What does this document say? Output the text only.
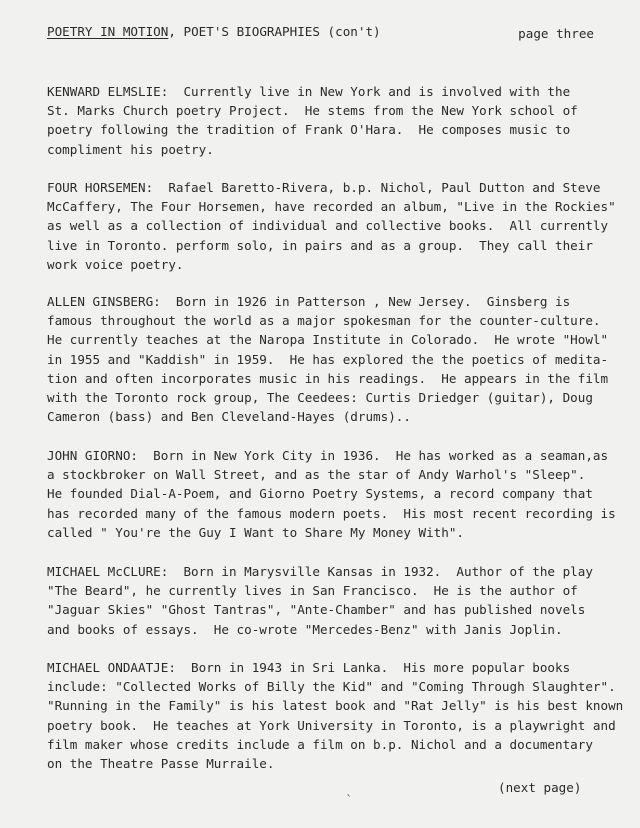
POETRY IN MOTION, POET'S BIOGRAPHIES (con't)	page three
KENWARD ELMSLIE:  Currently live in New York and is involved with the
St. Marks Church poetry Project.  He stems from the New York school of
poetry following the tradition of Frank O'Hara.  He composes music to
compliment his poetry.
FOUR HORSEMEN:  Rafael Baretto-Rivera, b.p. Nichol, Paul Dutton and Steve
McCaffery, The Four Horsemen, have recorded an album, "Live in the Rockies"
as well as a collection of individual and collective books.  All currently
live in Toronto. perform solo, in pairs and as a group.  They call their
work voice poetry.
ALLEN GINSBERG:  Born in 1926 in Patterson , New Jersey.  Ginsberg is
famous throughout the world as a major spokesman for the counter-culture.
He currently teaches at the Naropa Institute in Colorado.  He wrote "Howl"
in 1955 and "Kaddish" in 1959.  He has explored the the poetics of medita-
tion and often incorporates music in his readings.  He appears in the film
with the Toronto rock group, The Ceedees: Curtis Driedger (guitar), Doug
Cameron (bass) and Ben Cleveland-Hayes (drums)..
JOHN GIORNO:  Born in New York City in 1936.  He has worked as a seaman,as
a stockbroker on Wall Street, and as the star of Andy Warhol's "Sleep".
He founded Dial-A-Poem, and Giorno Poetry Systems, a record company that
has recorded many of the famous modern poets.  His most recent recording is
called " You're the Guy I Want to Share My Money With".
MICHAEL McCLURE:  Born in Marysville Kansas in 1932.  Author of the play
"The Beard", he currently lives in San Francisco.  He is the author of
"Jaguar Skies" "Ghost Tantras", "Ante-Chamber" and has published novels
and books of essays.  He co-wrote "Mercedes-Benz" with Janis Joplin.
MICHAEL ONDAATJE:  Born in 1943 in Sri Lanka.  His more popular books
include: "Collected Works of Billy the Kid" and "Coming Through Slaughter".
"Running in the Family" is his latest book and "Rat Jelly" is his best known
poetry book.  He teaches at York University in Toronto, is a playwright and
film maker whose credits include a film on b.p. Nichol and a documentary
on the Theatre Passe Murraile.
ˎ	(next page)
